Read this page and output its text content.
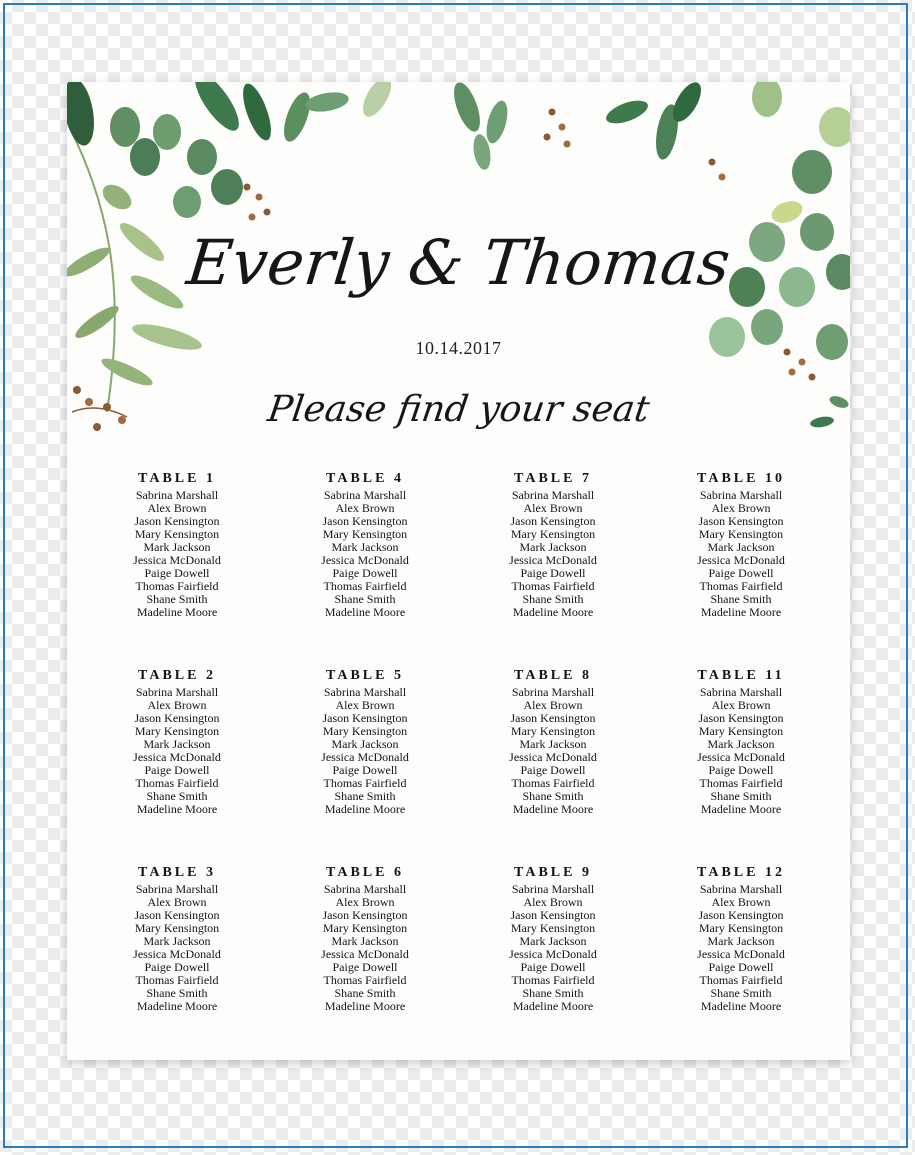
Everly & Thomas
10.14.2017
Please find your seat
TABLE 1
Sabrina Marshall
Alex Brown
Jason Kensington
Mary Kensington
Mark Jackson
Jessica McDonald
Paige Dowell
Thomas Fairfield
Shane Smith
Madeline Moore
TABLE 4
Sabrina Marshall
Alex Brown
Jason Kensington
Mary Kensington
Mark Jackson
Jessica McDonald
Paige Dowell
Thomas Fairfield
Shane Smith
Madeline Moore
TABLE 7
Sabrina Marshall
Alex Brown
Jason Kensington
Mary Kensington
Mark Jackson
Jessica McDonald
Paige Dowell
Thomas Fairfield
Shane Smith
Madeline Moore
TABLE 10
Sabrina Marshall
Alex Brown
Jason Kensington
Mary Kensington
Mark Jackson
Jessica McDonald
Paige Dowell
Thomas Fairfield
Shane Smith
Madeline Moore
TABLE 2
Sabrina Marshall
Alex Brown
Jason Kensington
Mary Kensington
Mark Jackson
Jessica McDonald
Paige Dowell
Thomas Fairfield
Shane Smith
Madeline Moore
TABLE 5
Sabrina Marshall
Alex Brown
Jason Kensington
Mary Kensington
Mark Jackson
Jessica McDonald
Paige Dowell
Thomas Fairfield
Shane Smith
Madeline Moore
TABLE 8
Sabrina Marshall
Alex Brown
Jason Kensington
Mary Kensington
Mark Jackson
Jessica McDonald
Paige Dowell
Thomas Fairfield
Shane Smith
Madeline Moore
TABLE 11
Sabrina Marshall
Alex Brown
Jason Kensington
Mary Kensington
Mark Jackson
Jessica McDonald
Paige Dowell
Thomas Fairfield
Shane Smith
Madeline Moore
TABLE 3
Sabrina Marshall
Alex Brown
Jason Kensington
Mary Kensington
Mark Jackson
Jessica McDonald
Paige Dowell
Thomas Fairfield
Shane Smith
Madeline Moore
TABLE 6
Sabrina Marshall
Alex Brown
Jason Kensington
Mary Kensington
Mark Jackson
Jessica McDonald
Paige Dowell
Thomas Fairfield
Shane Smith
Madeline Moore
TABLE 9
Sabrina Marshall
Alex Brown
Jason Kensington
Mary Kensington
Mark Jackson
Jessica McDonald
Paige Dowell
Thomas Fairfield
Shane Smith
Madeline Moore
TABLE 12
Sabrina Marshall
Alex Brown
Jason Kensington
Mary Kensington
Mark Jackson
Jessica McDonald
Paige Dowell
Thomas Fairfield
Shane Smith
Madeline Moore
